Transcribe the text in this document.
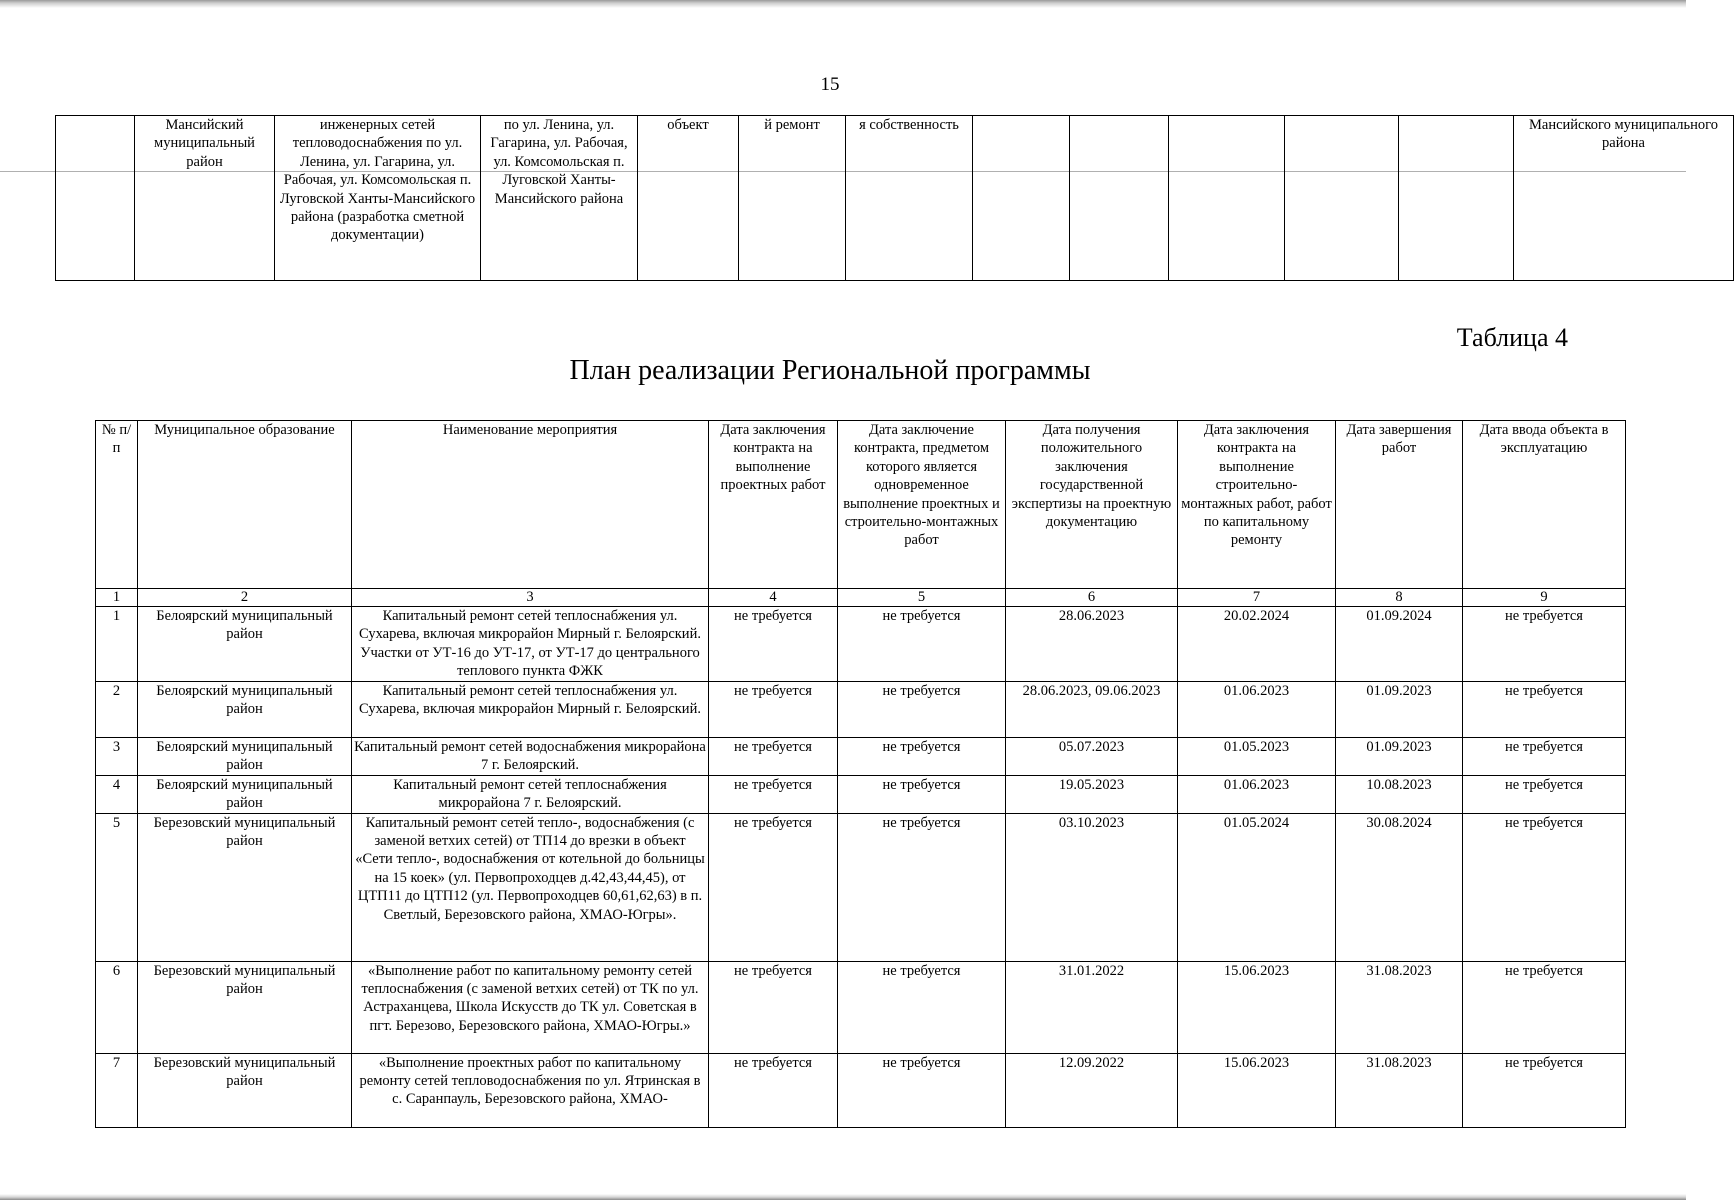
15
	Мансийский муниципальный район	инженерных сетей тепловодоснабжения по ул. Ленина, ул. Гагарина, ул. Рабочая, ул. Комсомольская п. Луговской Ханты-Мансийского района (разработка сметной документации)	по ул. Ленина, ул. Гагарина, ул. Рабочая, ул. Комсомольская п. Луговской Ханты-Мансийского района	объект	й ремонт	я собственность						Мансийского муниципального района
Таблица 4
План реализации Региональной программы
№ п/ п	Муниципальное образование	Наименование мероприятия	Дата заключения контракта на выполнение проектных работ	Дата заключение контракта, предметом которого является одновременное выполнение проектных и строительно-монтажных работ	Дата получения положительного заключения государственной экспертизы на проектную документацию	Дата заключения контракта на выполнение строительно-монтажных работ, работ по капитальному ремонту	Дата завершения работ	Дата ввода объекта в эксплуатацию
1	2	3	4	5	6	7	8	9
1	Белоярский муниципальный район	Капитальный ремонт сетей теплоснабжения ул. Сухарева, включая микрорайон Мирный г. Белоярский. Участки от УТ-16 до УТ-17, от УТ-17 до центрального теплового пункта ФЖК	не требуется	не требуется	28.06.2023	20.02.2024	01.09.2024	не требуется
2	Белоярский муниципальный район	Капитальный ремонт сетей теплоснабжения ул. Сухарева, включая микрорайон Мирный г. Белоярский.	не требуется	не требуется	28.06.2023, 09.06.2023	01.06.2023	01.09.2023	не требуется
3	Белоярский муниципальный район	Капитальный ремонт сетей водоснабжения микрорайона 7 г. Белоярский.	не требуется	не требуется	05.07.2023	01.05.2023	01.09.2023	не требуется
4	Белоярский муниципальный район	Капитальный ремонт сетей теплоснабжения микрорайона 7 г. Белоярский.	не требуется	не требуется	19.05.2023	01.06.2023	10.08.2023	не требуется
5	Березовский муниципальный район	Капитальный ремонт сетей тепло-, водоснабжения (с заменой ветхих сетей) от ТП14 до врезки в объект «Сети тепло-, водоснабжения от котельной до больницы на 15 коек» (ул. Первопроходцев д.42,43,44,45), от ЦТП11 до ЦТП12 (ул. Первопроходцев 60,61,62,63) в п. Светлый, Березовского района, ХМАО-Югры».	не требуется	не требуется	03.10.2023	01.05.2024	30.08.2024	не требуется
6	Березовский муниципальный район	«Выполнение работ по капитальному ремонту сетей теплоснабжения (с заменой ветхих сетей) от ТК по ул. Астраханцева, Школа Искусств до ТК ул. Советская в пгт. Березово, Березовского района, ХМАО-Югры.»	не требуется	не требуется	31.01.2022	15.06.2023	31.08.2023	не требуется
7	Березовский муниципальный район	«Выполнение проектных работ по капитальному ремонту сетей тепловодоснабжения по ул. Ятринская в с. Саранпауль, Березовского района, ХМАО-	не требуется	не требуется	12.09.2022	15.06.2023	31.08.2023	не требуется
